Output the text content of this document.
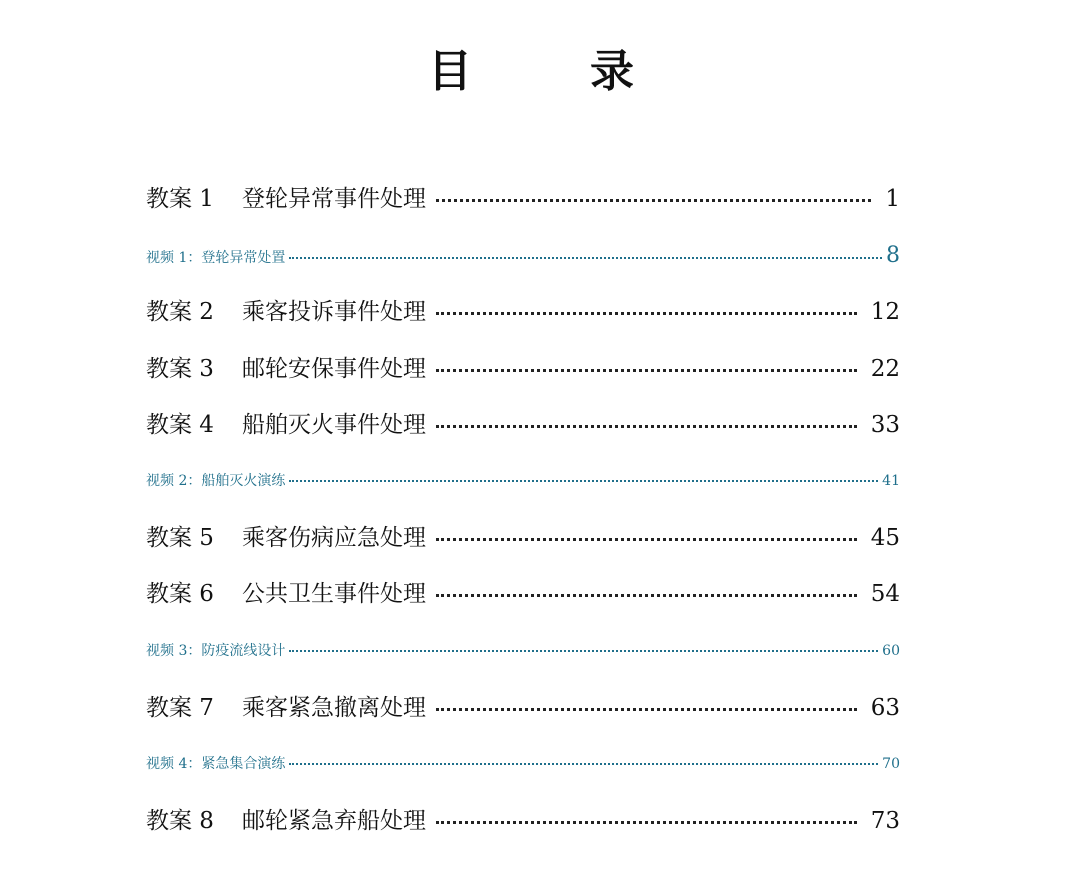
目	录
教案 1 登轮异常事件处理	1
视频 1：登轮异常处置	8
教案 2 乘客投诉事件处理	12
教案 3 邮轮安保事件处理	22
教案 4 船舶灭火事件处理	33
视频 2：船舶灭火演练	41
教案 5 乘客伤病应急处理	45
教案 6 公共卫生事件处理	54
视频 3：防疫流线设计	60
教案 7 乘客紧急撤离处理	63
视频 4：紧急集合演练	70
教案 8 邮轮紧急弃船处理	73
